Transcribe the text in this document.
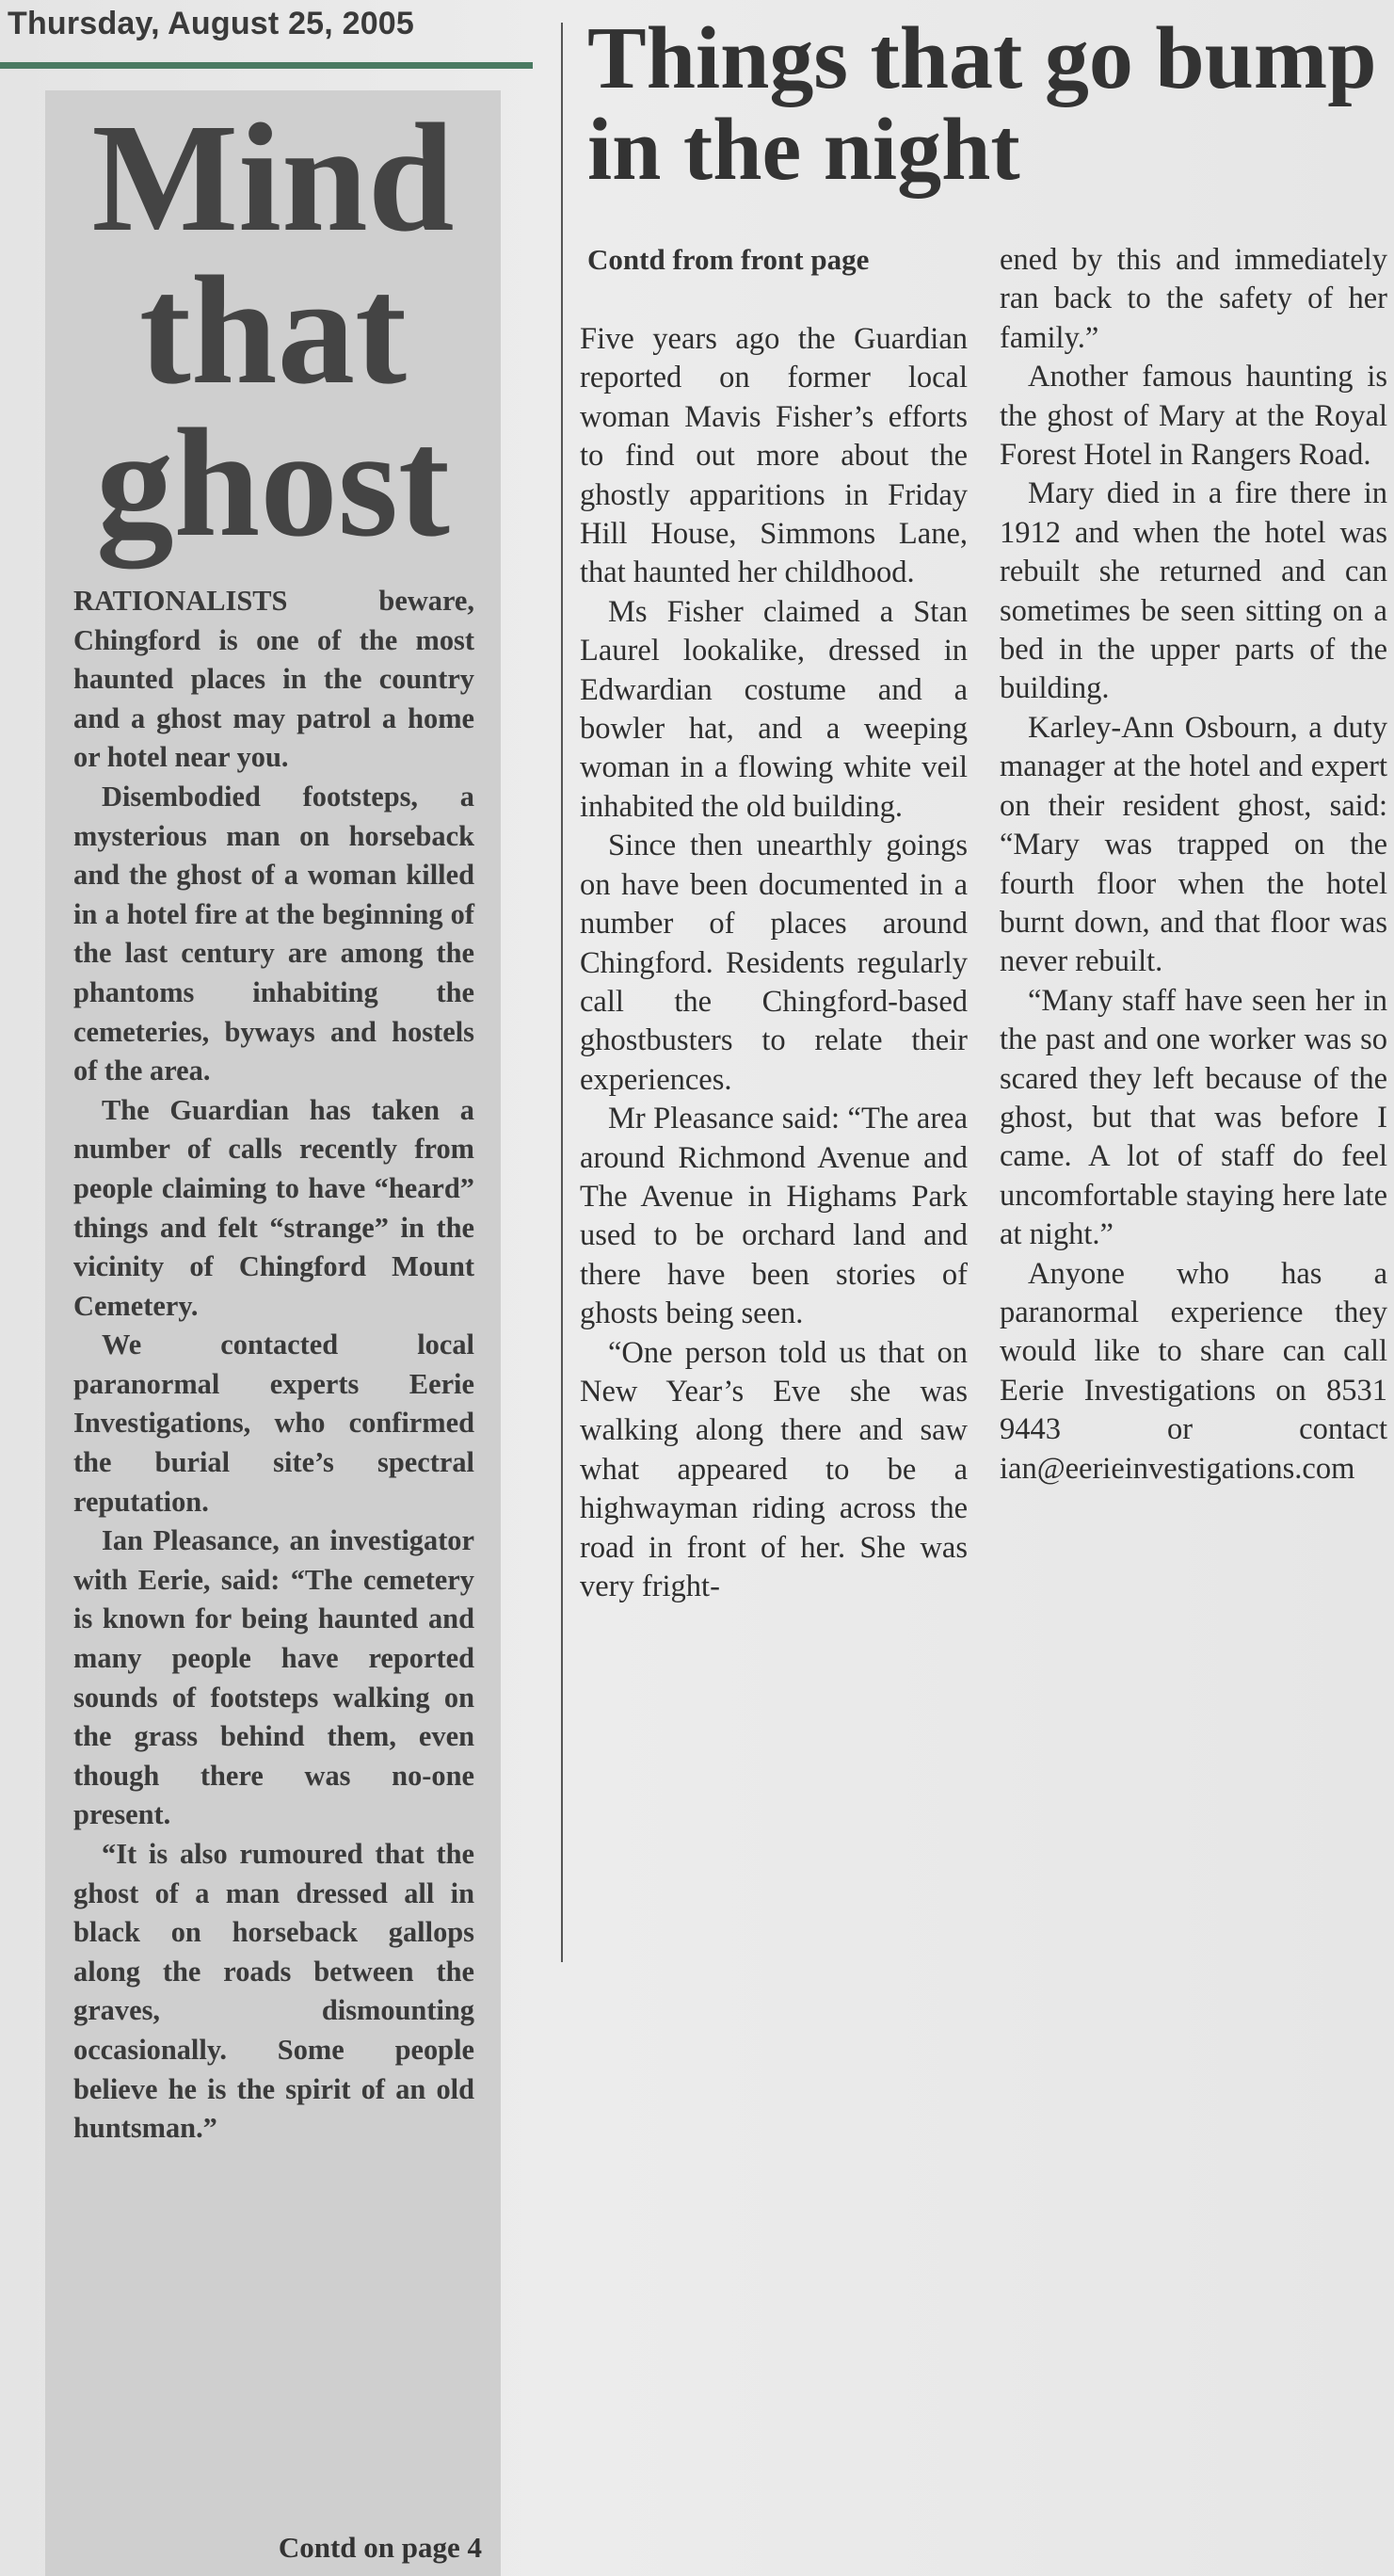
Thursday, August 25, 2005
Mind that ghost

RATIONALISTS beware, Chingford is one of the most haunted places in the country and a ghost may patrol a home or hotel near you.

Disembodied footsteps, a mysterious man on horseback and the ghost of a woman killed in a hotel fire at the beginning of the last century are among the phantoms inhabiting the cemeteries, byways and hostels of the area.

The Guardian has taken a number of calls recently from people claiming to have “heard” things and felt “strange” in the vicinity of Chingford Mount Cemetery.

We contacted local paranormal experts Eerie Investigations, who confirmed the burial site’s spectral reputation.

Ian Pleasance, an investigator with Eerie, said: “The cemetery is known for being haunted and many people have reported sounds of footsteps walking on the grass behind them, even though there was no-one present.

“It is also rumoured that the ghost of a man dressed all in black on horseback gallops along the roads between the graves, dismounting occasionally. Some people believe he is the spirit of an old huntsman.”

Contd on page 4
Things that go bump in the night
Contd from front page

Five years ago the Guardian reported on former local woman Mavis Fisher’s efforts to find out more about the ghostly apparitions in Friday Hill House, Simmons Lane, that haunted her childhood.

Ms Fisher claimed a Stan Laurel lookalike, dressed in Edwardian costume and a bowler hat, and a weeping woman in a flowing white veil inhabited the old building.

Since then unearthly goings on have been documented in a number of places around Chingford. Residents regularly call the Chingford-based ghostbusters to relate their experiences.

Mr Pleasance said: “The area around Richmond Avenue and The Avenue in Highams Park used to be orchard land and there have been stories of ghosts being seen.

“One person told us that on New Year’s Eve she was walking along there and saw what appeared to be a highwayman riding across the road in front of her. She was very fright-

ened by this and immediately ran back to the safety of her family.”

Another famous haunting is the ghost of Mary at the Royal Forest Hotel in Rangers Road.

Mary died in a fire there in 1912 and when the hotel was rebuilt she returned and can sometimes be seen sitting on a bed in the upper parts of the building.

Karley-Ann Osbourn, a duty manager at the hotel and expert on their resident ghost, said: “Mary was trapped on the fourth floor when the hotel burnt down, and that floor was never rebuilt.

“Many staff have seen her in the past and one worker was so scared they left because of the ghost, but that was before I came. A lot of staff do feel uncomfortable staying here late at night.”

Anyone who has a paranormal experience they would like to share can call Eerie Investigations on 8531 9443 or contact ian@eerieinvestigations.com
